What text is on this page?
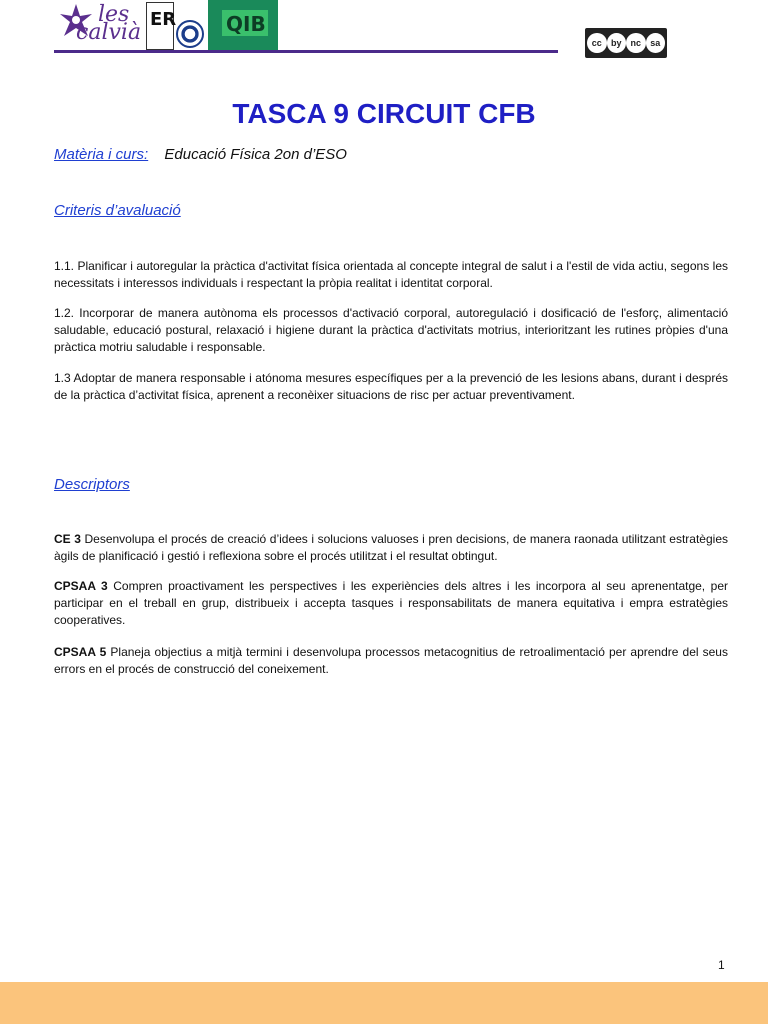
les
calvià
ER QIB
cc	by nc	sa
TASCA 9 CIRCUIT CFB
Matèria i curs: Educació Física 2on d’ESO
Criteris d’avaluació

1.1. Planificar i autoregular la pràctica d'activitat física orientada al concepte integral de salut i a l'estil de vida actiu, segons les necessitats i interessos individuals i respectant la pròpia realitat i identitat corporal.

1.2. Incorporar de manera autònoma els processos d'activació corporal, autoregulació i dosificació de l'esforç, alimentació saludable, educació postural, relaxació i higiene durant la pràctica d'activitats motrius, interioritzant les rutines pròpies d'una pràctica motriu saludable i responsable.

1.3 Adoptar de manera responsable i atónoma mesures específiques per a la prevenció de les lesions abans, durant i després de la pràctica d’activitat física, aprenent a reconèixer situacions de risc per actuar preventivament.

Descriptors

CE 3 Desenvolupa el procés de creació d’idees i solucions valuoses i pren decisions, de manera raonada utilitzant estratègies àgils de planificació i gestió i reflexiona sobre el procés utilitzat i el resultat obtingut.

CPSAA 3 Compren proactivament les perspectives i les experiències dels altres i les incorpora al seu aprenentatge, per participar en el treball en grup, distribueix i accepta tasques i responsabilitats de manera equitativa i empra estratègies cooperatives.

CPSAA 5 Planeja objectius a mitjà termini i desenvolupa processos metacognitius de retroalimentació per aprendre del seus errors en el procés de construcció del coneixement.

1
